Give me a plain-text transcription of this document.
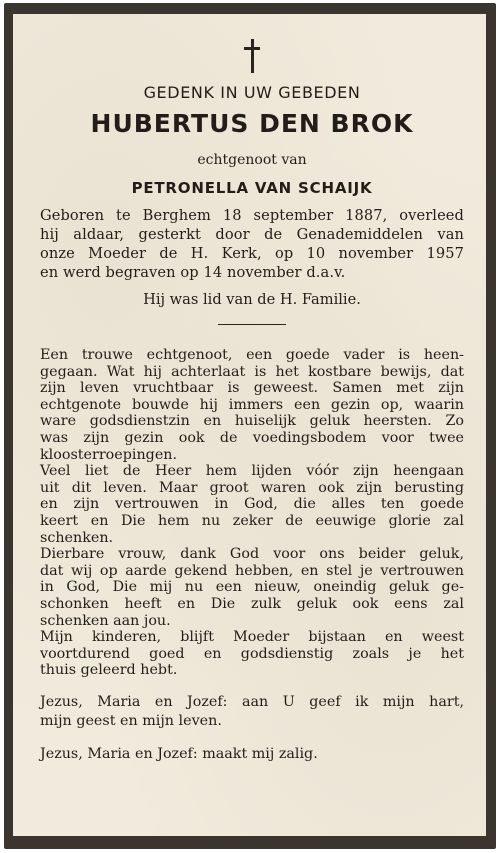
GEDENK IN UW GEBEDEN
HUBERTUS DEN BROK
echtgenoot van
PETRONELLA VAN SCHAIJK
Geboren te Berghem 18 september 1887, overleed
hij aldaar, gesterkt door de Genademiddelen van
onze Moeder de H. Kerk, op 10 november 1957
en werd begraven op 14 november d.a.v.
Hij was lid van de H. Familie.
Een trouwe echtgenoot, een goede vader is heen-
gegaan. Wat hij achterlaat is het kostbare bewijs, dat
zijn leven vruchtbaar is geweest. Samen met zijn
echtgenote bouwde hij immers een gezin op, waarin
ware godsdienstzin en huiselijk geluk heersten. Zo
was zijn gezin ook de voedingsbodem voor twee
kloosterroepingen.
Veel liet de Heer hem lijden vóór zijn heengaan
uit dit leven. Maar groot waren ook zijn berusting
en zijn vertrouwen in God, die alles ten goede
keert en Die hem nu zeker de eeuwige glorie zal
schenken.
Dierbare vrouw, dank God voor ons beider geluk,
dat wij op aarde gekend hebben, en stel je vertrouwen
in God, Die mij nu een nieuw, oneindig geluk ge-
schonken heeft en Die zulk geluk ook eens zal
schenken aan jou.
Mijn kinderen, blijft Moeder bijstaan en weest
voortdurend goed en godsdienstig zoals je het
thuis geleerd hebt.
Jezus, Maria en Jozef: aan U geef ik mijn hart,
mijn geest en mijn leven.
Jezus, Maria en Jozef: maakt mij zalig.
